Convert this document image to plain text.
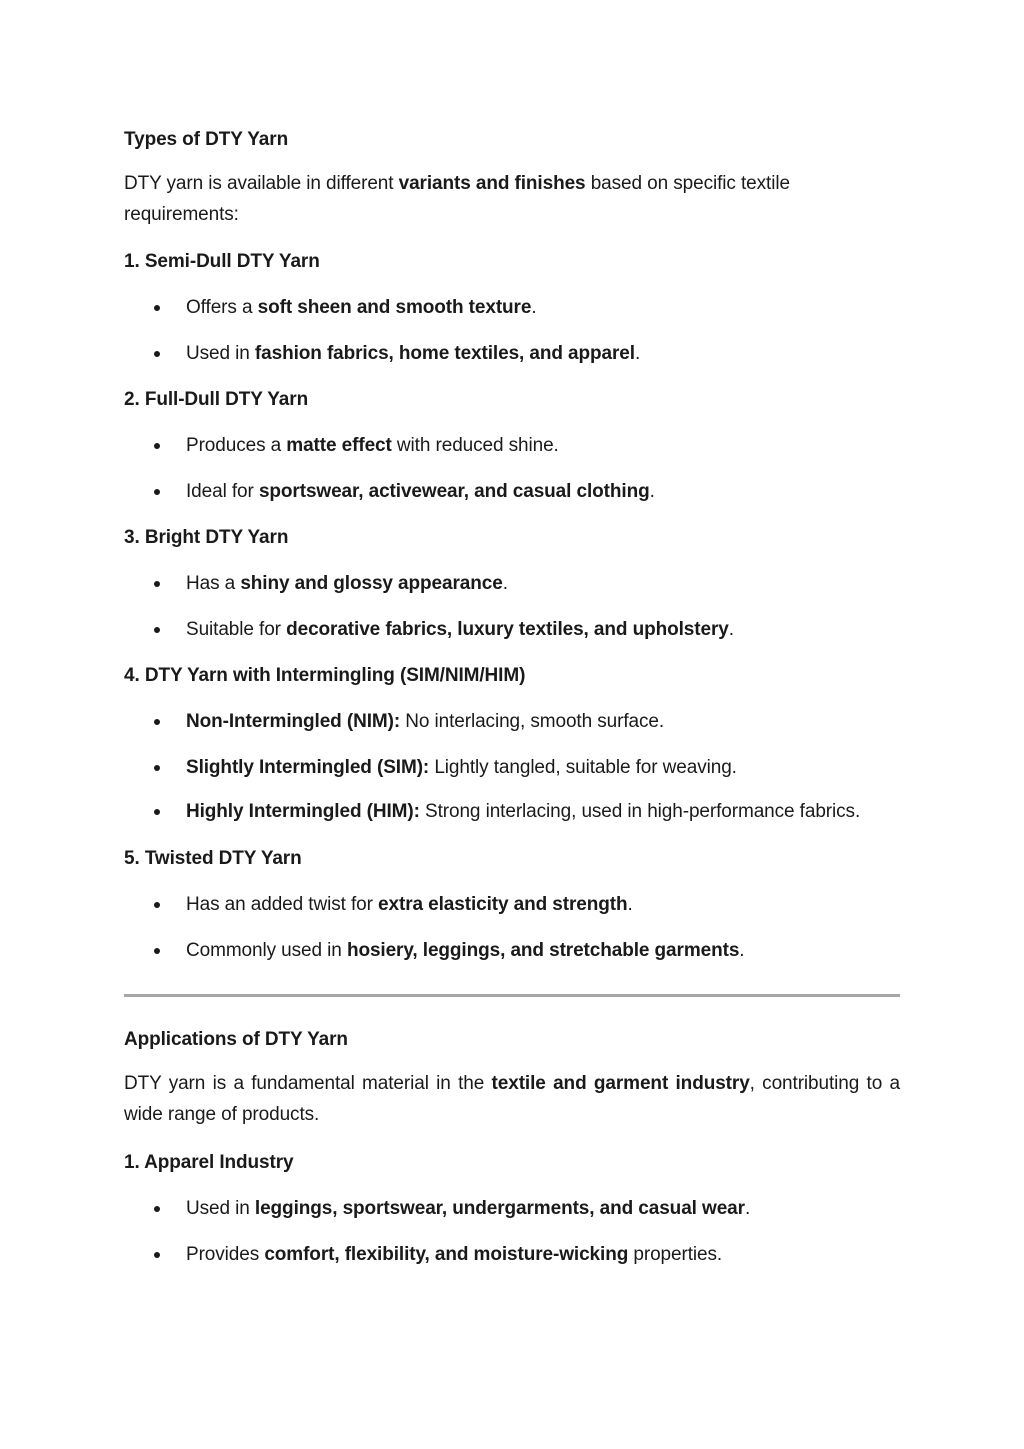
Types of DTY Yarn

DTY yarn is available in different variants and finishes based on specific textile requirements:

1. Semi-Dull DTY Yarn

Offers a soft sheen and smooth texture.
Used in fashion fabrics, home textiles, and apparel.

2. Full-Dull DTY Yarn

Produces a matte effect with reduced shine.
Ideal for sportswear, activewear, and casual clothing.

3. Bright DTY Yarn

Has a shiny and glossy appearance.
Suitable for decorative fabrics, luxury textiles, and upholstery.

4. DTY Yarn with Intermingling (SIM/NIM/HIM)

Non-Intermingled (NIM): No interlacing, smooth surface.
Slightly Intermingled (SIM): Lightly tangled, suitable for weaving.
Highly Intermingled (HIM): Strong interlacing, used in high-performance fabrics.

5. Twisted DTY Yarn

Has an added twist for extra elasticity and strength.
Commonly used in hosiery, leggings, and stretchable garments.

Applications of DTY Yarn

DTY yarn is a fundamental material in the textile and garment industry, contributing to a wide range of products.

1. Apparel Industry

Used in leggings, sportswear, undergarments, and casual wear.
Provides comfort, flexibility, and moisture-wicking properties.
